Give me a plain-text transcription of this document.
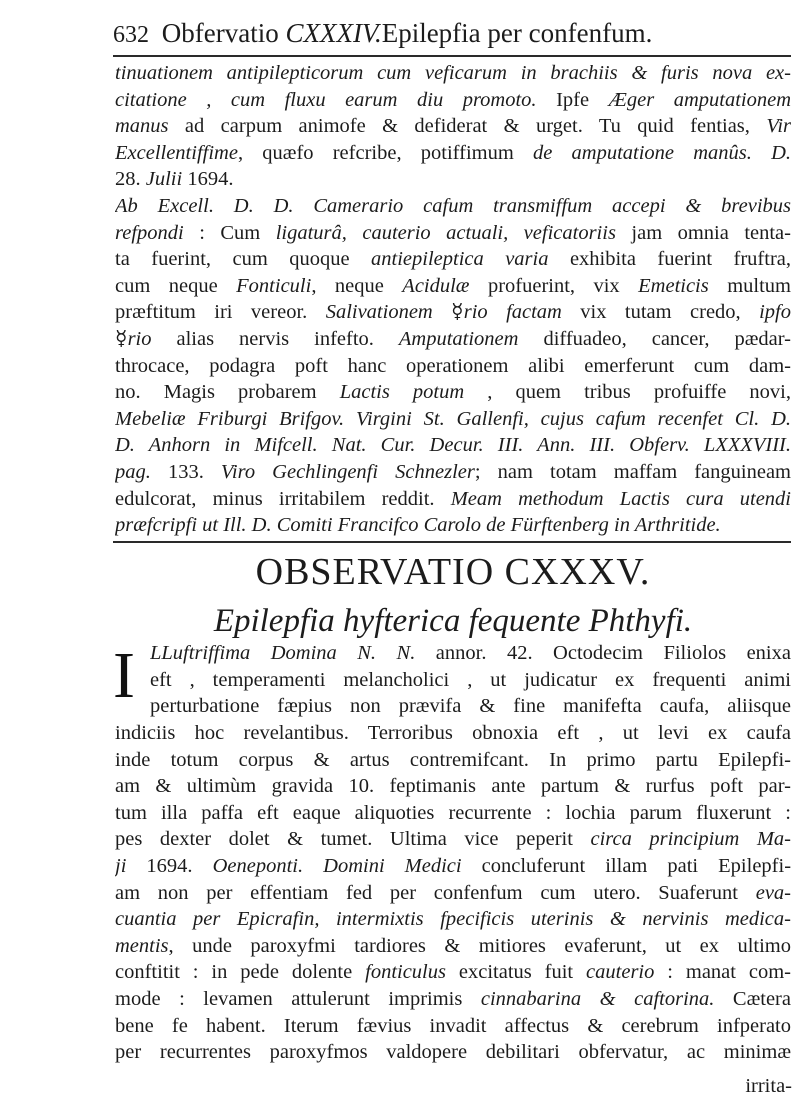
632 Obfervatio CXXXIV.Epilepfia per confenfum.
tinuationem antipilepticorum cum veficarum in brachiis & furis nova ex-
citatione , cum fluxu earum diu promoto. Ipfe Æger amputationem
manus ad carpum animofe & defiderat & urget. Tu quid fentias, Vir
Excellentiffime, quæfo refcribe, potiffimum de amputatione manûs. D.
28. Julii 1694.
Ab Excell. D. D. Camerario cafum transmiffum accepi & brevibus
refpondi : Cum ligaturâ, cauterio actuali, veficatoriis jam omnia tenta-
ta fuerint, cum quoque antiepileptica varia exhibita fuerint fruftra,
cum neque Fonticuli, neque Acidulæ profuerint, vix Emeticis multum
præftitum iri vereor. Salivationem ☿rio factam vix tutam credo, ipfo
☿rio alias nervis infefto. Amputationem diffuadeo, cancer, pædar-
throcace, podagra poft hanc operationem alibi emerferunt cum dam-
no. Magis probarem Lactis potum , quem tribus profuiffe novi,
Mebeliæ Friburgi Brifgov. Virgini St. Gallenfi, cujus cafum recenfet Cl. D.
D. Anhorn in Mifcell. Nat. Cur. Decur. III. Ann. III. Obferv. LXXXVIII.
pag. 133. Viro Gechlingenfi Schnezler; nam totam maffam fanguineam
edulcorat, minus irritabilem reddit. Meam methodum Lactis cura utendi
præfcripfi ut Ill. D. Comiti Francifco Carolo de Fürftenberg in Arthritide.
OBSERVATIO CXXXV.
Epilepfia hyfterica fequente Phthyfi.
I LLuftriffima Domina N. N. annor. 42. Octodecim Filiolos enixa
eft , temperamenti melancholici , ut judicatur ex frequenti animi
perturbatione fæpius non prævifa & fine manifefta caufa, aliisque
indiciis hoc revelantibus. Terroribus obnoxia eft , ut levi ex caufa
inde totum corpus & artus contremifcant. In primo partu Epilepfi-
am & ultimùm gravida 10. feptimanis ante partum & rurfus poft par-
tum illa paffa eft eaque aliquoties recurrente : lochia parum fluxerunt :
pes dexter dolet & tumet. Ultima vice peperit circa principium Ma-
ji 1694. Oeneponti. Domini Medici concluferunt illam pati Epilepfi-
am non per effentiam fed per confenfum cum utero. Suaferunt eva-
cuantia per Epicrafin, intermixtis fpecificis uterinis & nervinis medica-
mentis, unde paroxyfmi tardiores & mitiores evaferunt, ut ex ultimo
conftitit : in pede dolente fonticulus excitatus fuit cauterio : manat com-
mode : levamen attulerunt imprimis cinnabarina & caftorina. Cætera
bene fe habent. Iterum fævius invadit affectus & cerebrum infperato
per recurrentes paroxyfmos valdopere debilitari obfervatur, ac minimæ
irrita-
